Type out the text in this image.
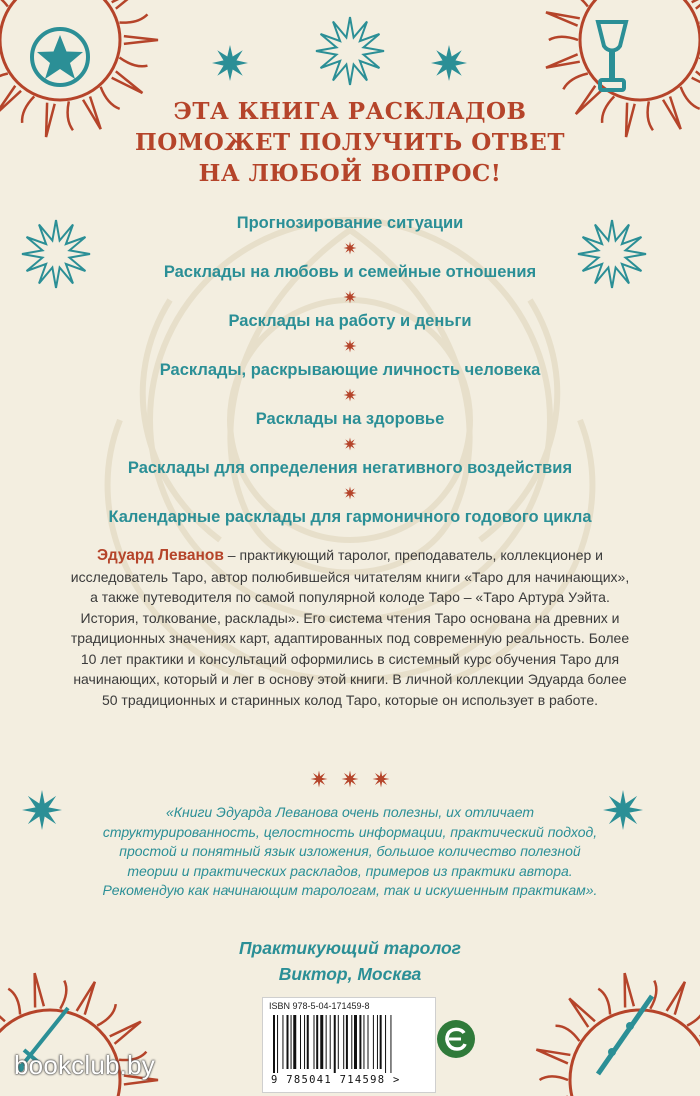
ЭТА КНИГА РАСКЛАДОВ
ПОМОЖЕТ ПОЛУЧИТЬ ОТВЕТ
НА ЛЮБОЙ ВОПРОС!
Прогнозирование ситуации
Расклады на любовь и семейные отношения
Расклады на работу и деньги
Расклады, раскрывающие личность человека
Расклады на здоровье
Расклады для определения негативного воздействия
Календарные расклады для гармоничного годового цикла
Эдуард Леванов – практикующий таролог, преподаватель, коллекционер и исследователь Таро, автор полюбившейся читателям книги «Таро для начинающих», а также путеводителя по самой популярной колоде Таро – «Таро Артура Уэйта. История, толкование, расклады». Его система чтения Таро основана на древних и традиционных значениях карт, адаптированных под современную реальность. Более 10 лет практики и консультаций оформились в системный курс обучения Таро для начинающих, который и лег в основу этой книги. В личной коллекции Эдуарда более 50 традиционных и старинных колод Таро, которые он использует в работе.
«Книги Эдуарда Леванова очень полезны, их отличает структурированность, целостность информации, практический подход, простой и понятный язык изложения, большое количество полезной теории и практических раскладов, примеров из практики автора. Рекомендую как начинающим тарологам, так и искушенным практикам».
Практикующий таролог
Виктор, Москва
ISBN 978-5-04-171459-8
9 785041 714598 >
bookclub.by
